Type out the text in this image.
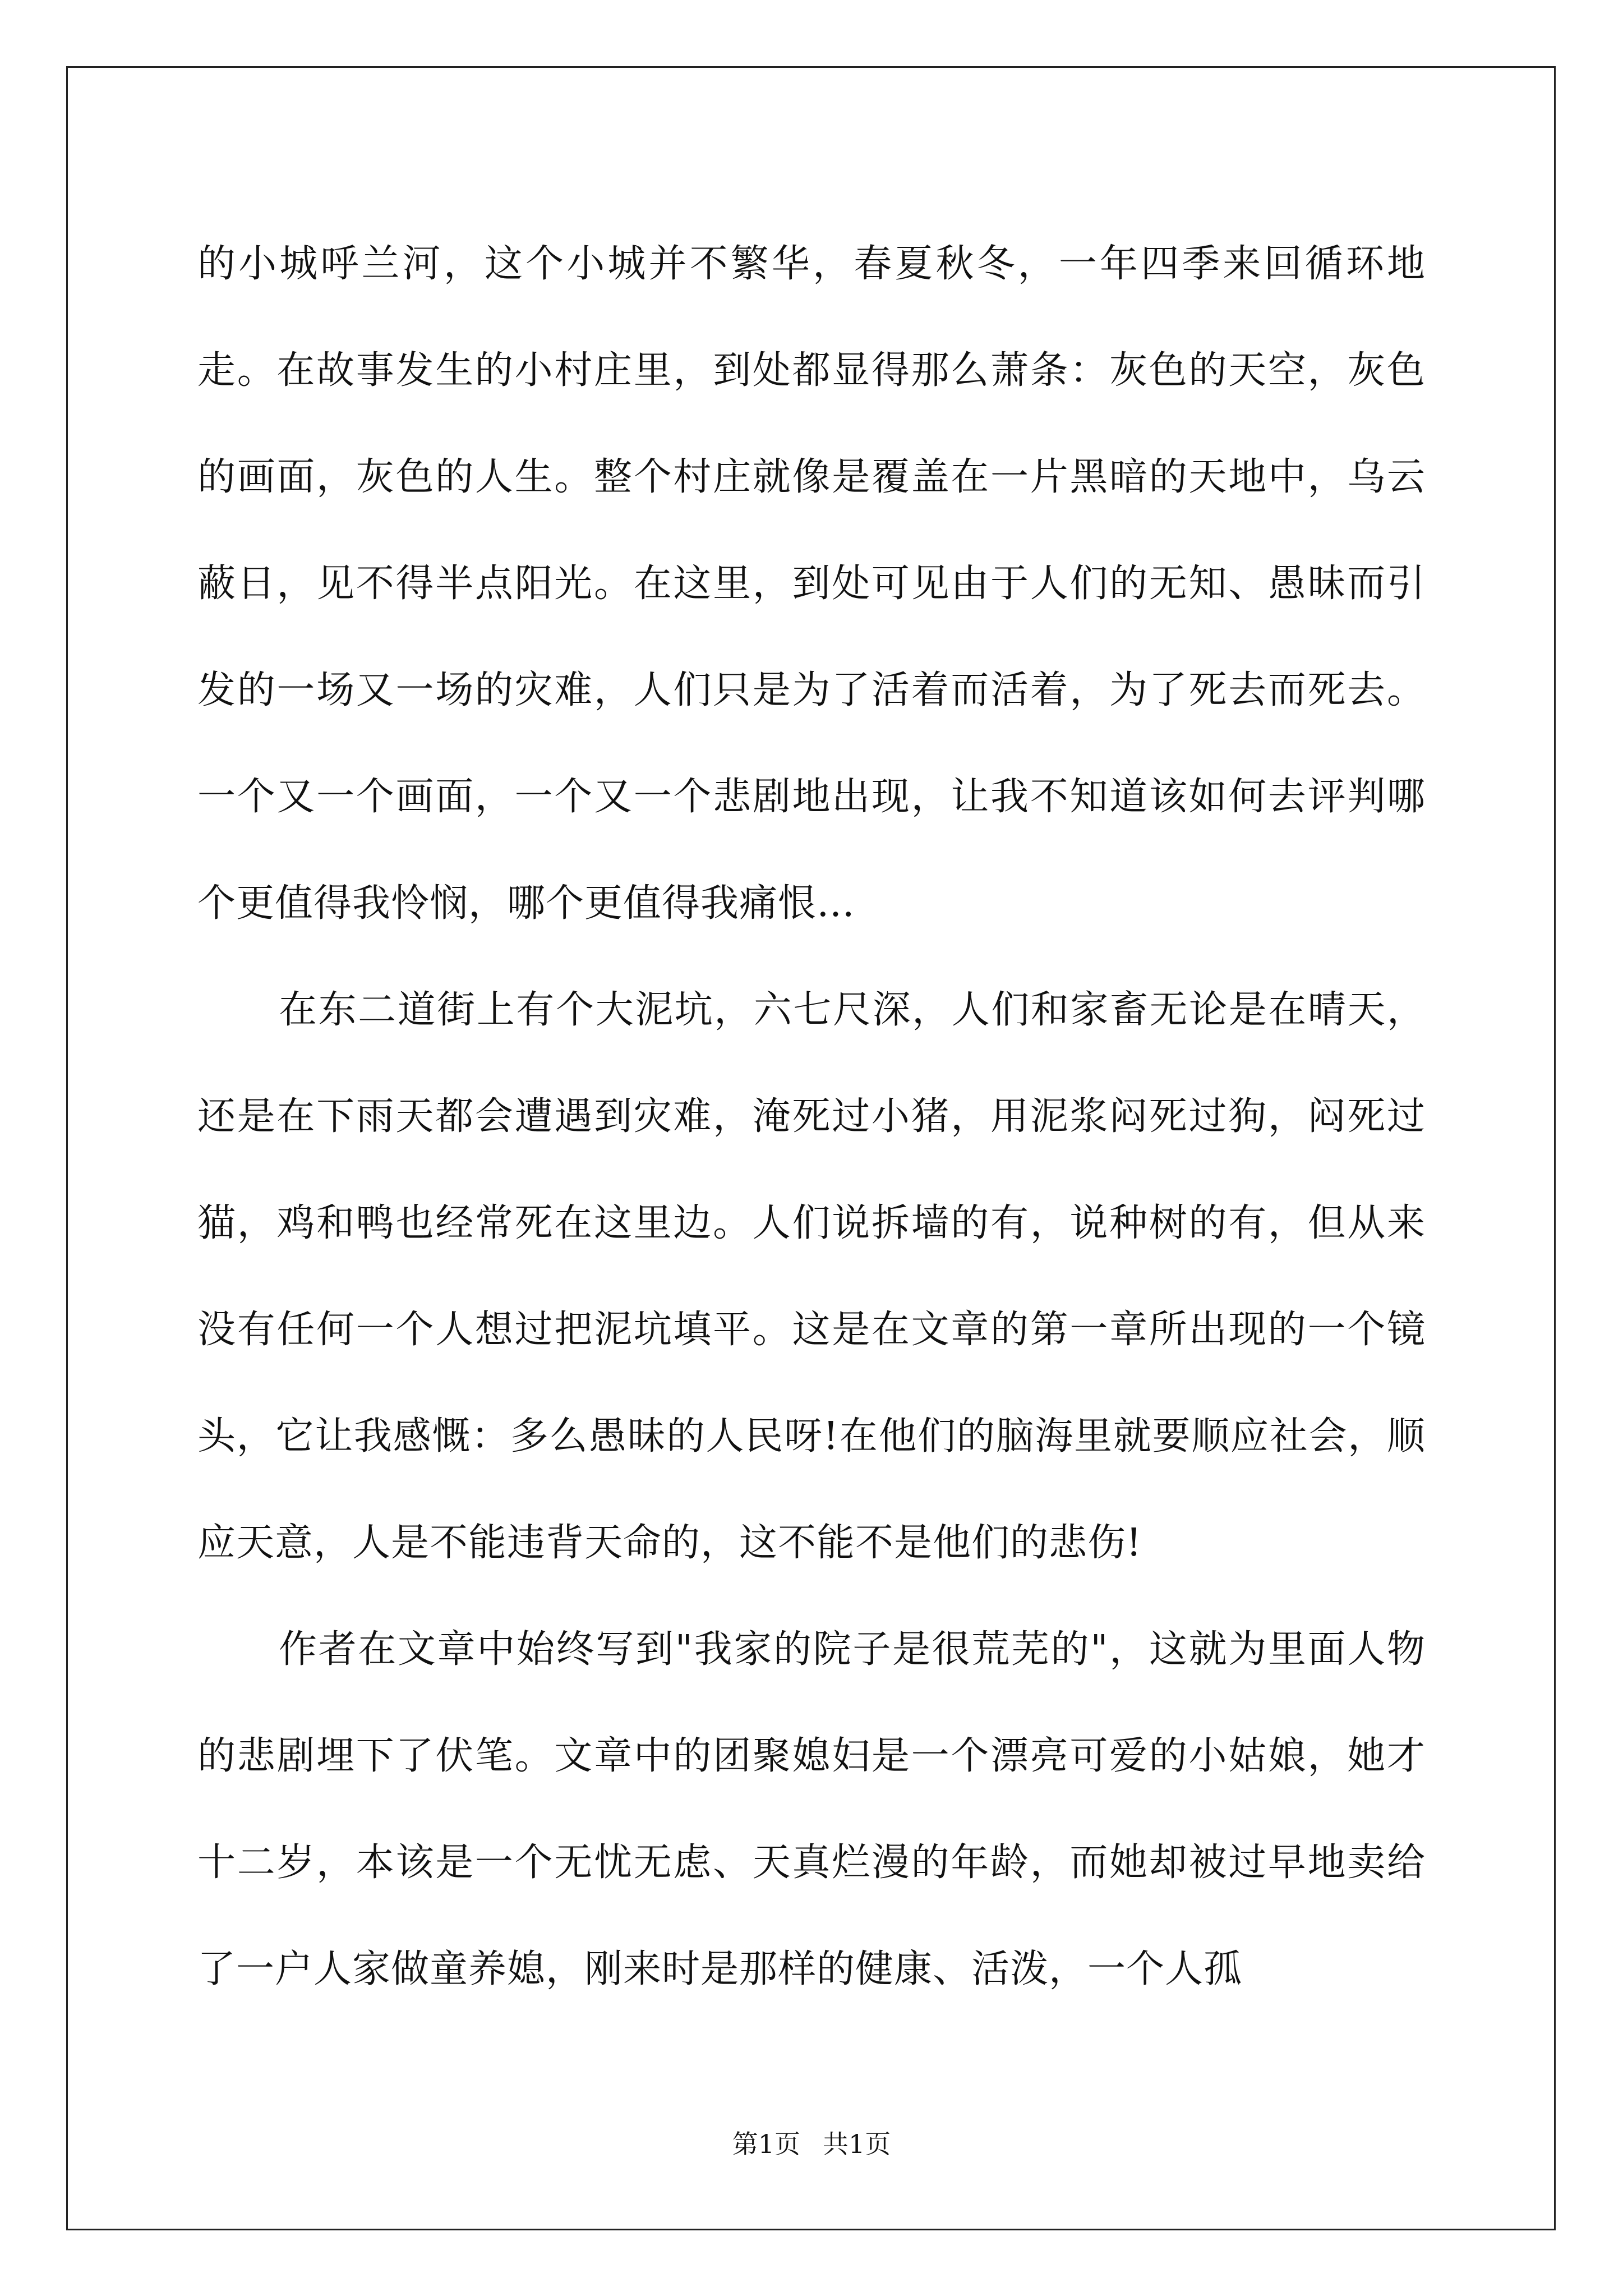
的小城呼兰河，这个小城并不繁华，春夏秋冬，一年四季来回循环地走。在故事发生的小村庄里，到处都显得那么萧条：灰色的天空，灰色的画面，灰色的人生。整个村庄就像是覆盖在一片黑暗的天地中，乌云蔽日，见不得半点阳光。在这里，到处可见由于人们的无知、愚昧而引发的一场又一场的灾难，人们只是为了活着而活着，为了死去而死去。一个又一个画面，一个又一个悲剧地出现，让我不知道该如何去评判哪个更值得我怜悯，哪个更值得我痛恨…

在东二道街上有个大泥坑，六七尺深，人们和家畜无论是在晴天，还是在下雨天都会遭遇到灾难，淹死过小猪，用泥浆闷死过狗，闷死过猫，鸡和鸭也经常死在这里边。人们说拆墙的有，说种树的有，但从来没有任何一个人想过把泥坑填平。这是在文章的第一章所出现的一个镜头，它让我感慨：多么愚昧的人民呀!在他们的脑海里就要顺应社会，顺应天意，人是不能违背天命的，这不能不是他们的悲伤!

作者在文章中始终写到"我家的院子是很荒芜的"，这就为里面人物的悲剧埋下了伏笔。文章中的团聚媳妇是一个漂亮可爱的小姑娘，她才十二岁，本该是一个无忧无虑、天真烂漫的年龄，而她却被过早地卖给了一户人家做童养媳，刚来时是那样的健康、活泼，一个人孤

第1页 共1页
